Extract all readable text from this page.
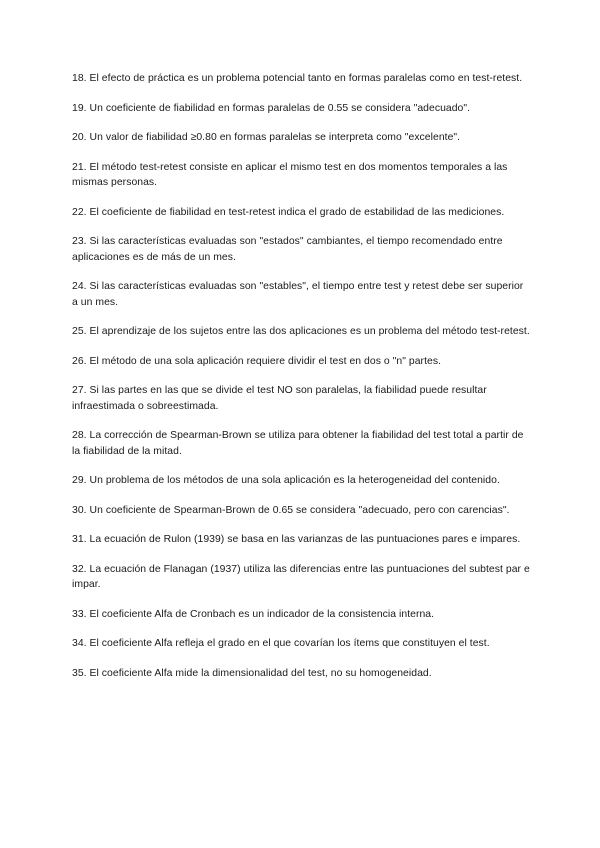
18. El efecto de práctica es un problema potencial tanto en formas paralelas como en test-retest.

19. Un coeficiente de fiabilidad en formas paralelas de 0.55 se considera "adecuado".

20. Un valor de fiabilidad ≥0.80 en formas paralelas se interpreta como "excelente".

21. El método test-retest consiste en aplicar el mismo test en dos momentos temporales a las mismas personas.

22. El coeficiente de fiabilidad en test-retest indica el grado de estabilidad de las mediciones.

23. Si las características evaluadas son "estados" cambiantes, el tiempo recomendado entre aplicaciones es de más de un mes.

24. Si las características evaluadas son "estables", el tiempo entre test y retest debe ser superior a un mes.

25. El aprendizaje de los sujetos entre las dos aplicaciones es un problema del método test-retest.

26. El método de una sola aplicación requiere dividir el test en dos o "n" partes.

27. Si las partes en las que se divide el test NO son paralelas, la fiabilidad puede resultar infraestimada o sobreestimada.

28. La corrección de Spearman-Brown se utiliza para obtener la fiabilidad del test total a partir de la fiabilidad de la mitad.

29. Un problema de los métodos de una sola aplicación es la heterogeneidad del contenido.

30. Un coeficiente de Spearman-Brown de 0.65 se considera "adecuado, pero con carencias".

31. La ecuación de Rulon (1939) se basa en las varianzas de las puntuaciones pares e impares.

32. La ecuación de Flanagan (1937) utiliza las diferencias entre las puntuaciones del subtest par e impar.

33. El coeficiente Alfa de Cronbach es un indicador de la consistencia interna.

34. El coeficiente Alfa refleja el grado en el que covarían los ítems que constituyen el test.

35. El coeficiente Alfa mide la dimensionalidad del test, no su homogeneidad.
